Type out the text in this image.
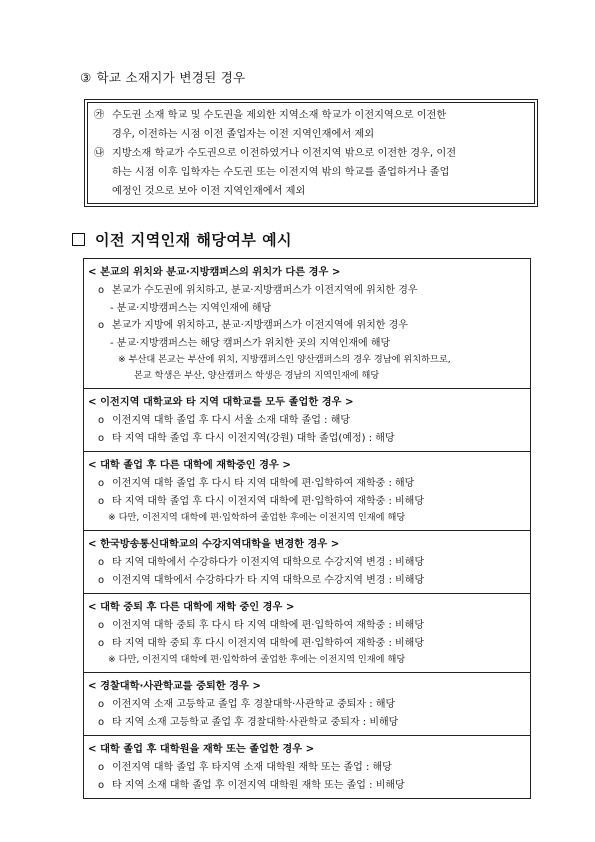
③ 학교 소재지가 변경된 경우
㉮ 수도권 소재 학교 및 수도권을 제외한 지역소재 학교가 이전지역으로 이전한
경우, 이전하는 시점 이전 졸업자는 이전 지역인재에서 제외
㉯ 지방소재 학교가 수도권으로 이전하였거나 이전지역 밖으로 이전한 경우, 이전
하는 시점 이후 입학자는 수도권 또는 이전지역 밖의 학교를 졸업하거나 졸업
예정인 것으로 보아 이전 지역인재에서 제외
이전 지역인재 해당여부 예시
< 본교의 위치와 분교·지방캠퍼스의 위치가 다른 경우 >
o 본교가 수도권에 위치하고, 분교·지방캠퍼스가 이전지역에 위치한 경우
- 분교·지방캠퍼스는 지역인재에 해당
o 본교가 지방에 위치하고, 분교·지방캠퍼스가 이전지역에 위치한 경우
- 분교·지방캠퍼스는 해당 캠퍼스가 위치한 곳의 지역인재에 해당
※ 부산대 본교는 부산에 위치, 지방캠퍼스인 양산캠퍼스의 경우 경남에 위치하므로,
본교 학생은 부산, 양산캠퍼스 학생은 경남의 지역인재에 해당
< 이전지역 대학교와 타 지역 대학교를 모두 졸업한 경우 >
o 이전지역 대학 졸업 후 다시 서울 소재 대학 졸업 : 해당
o 타 지역 대학 졸업 후 다시 이전지역(강원) 대학 졸업(예정) : 해당
< 대학 졸업 후 다른 대학에 재학중인 경우 >
o 이전지역 대학 졸업 후 다시 타 지역 대학에 편·입학하여 재학중 : 해당
o 타 지역 대학 졸업 후 다시 이전지역 대학에 편·입학하여 재학중 : 비해당
※ 다만, 이전지역 대학에 편·입학하여 졸업한 후에는 이전지역 인재에 해당
< 한국방송통신대학교의 수강지역대학을 변경한 경우 >
o 타 지역 대학에서 수강하다가 이전지역 대학으로 수강지역 변경 : 비해당
o 이전지역 대학에서 수강하다가 타 지역 대학으로 수강지역 변경 : 비해당
< 대학 중퇴 후 다른 대학에 재학 중인 경우 >
o 이전지역 대학 중퇴 후 다시 타 지역 대학에 편·입학하여 재학중 : 비해당
o 타 지역 대학 중퇴 후 다시 이전지역 대학에 편·입학하여 재학중 : 비해당
※ 다만, 이전지역 대학에 편·입학하여 졸업한 후에는 이전지역 인재에 해당
< 경찰대학·사관학교를 중퇴한 경우 >
o 이전지역 소재 고등학교 졸업 후 경찰대학·사관학교 중퇴자 : 해당
o 타 지역 소재 고등학교 졸업 후 경찰대학·사관학교 중퇴자 : 비해당
< 대학 졸업 후 대학원을 재학 또는 졸업한 경우 >
o 이전지역 대학 졸업 후 타지역 소재 대학원 재학 또는 졸업 : 해당
o 타 지역 소재 대학 졸업 후 이전지역 대학원 재학 또는 졸업 : 비해당
